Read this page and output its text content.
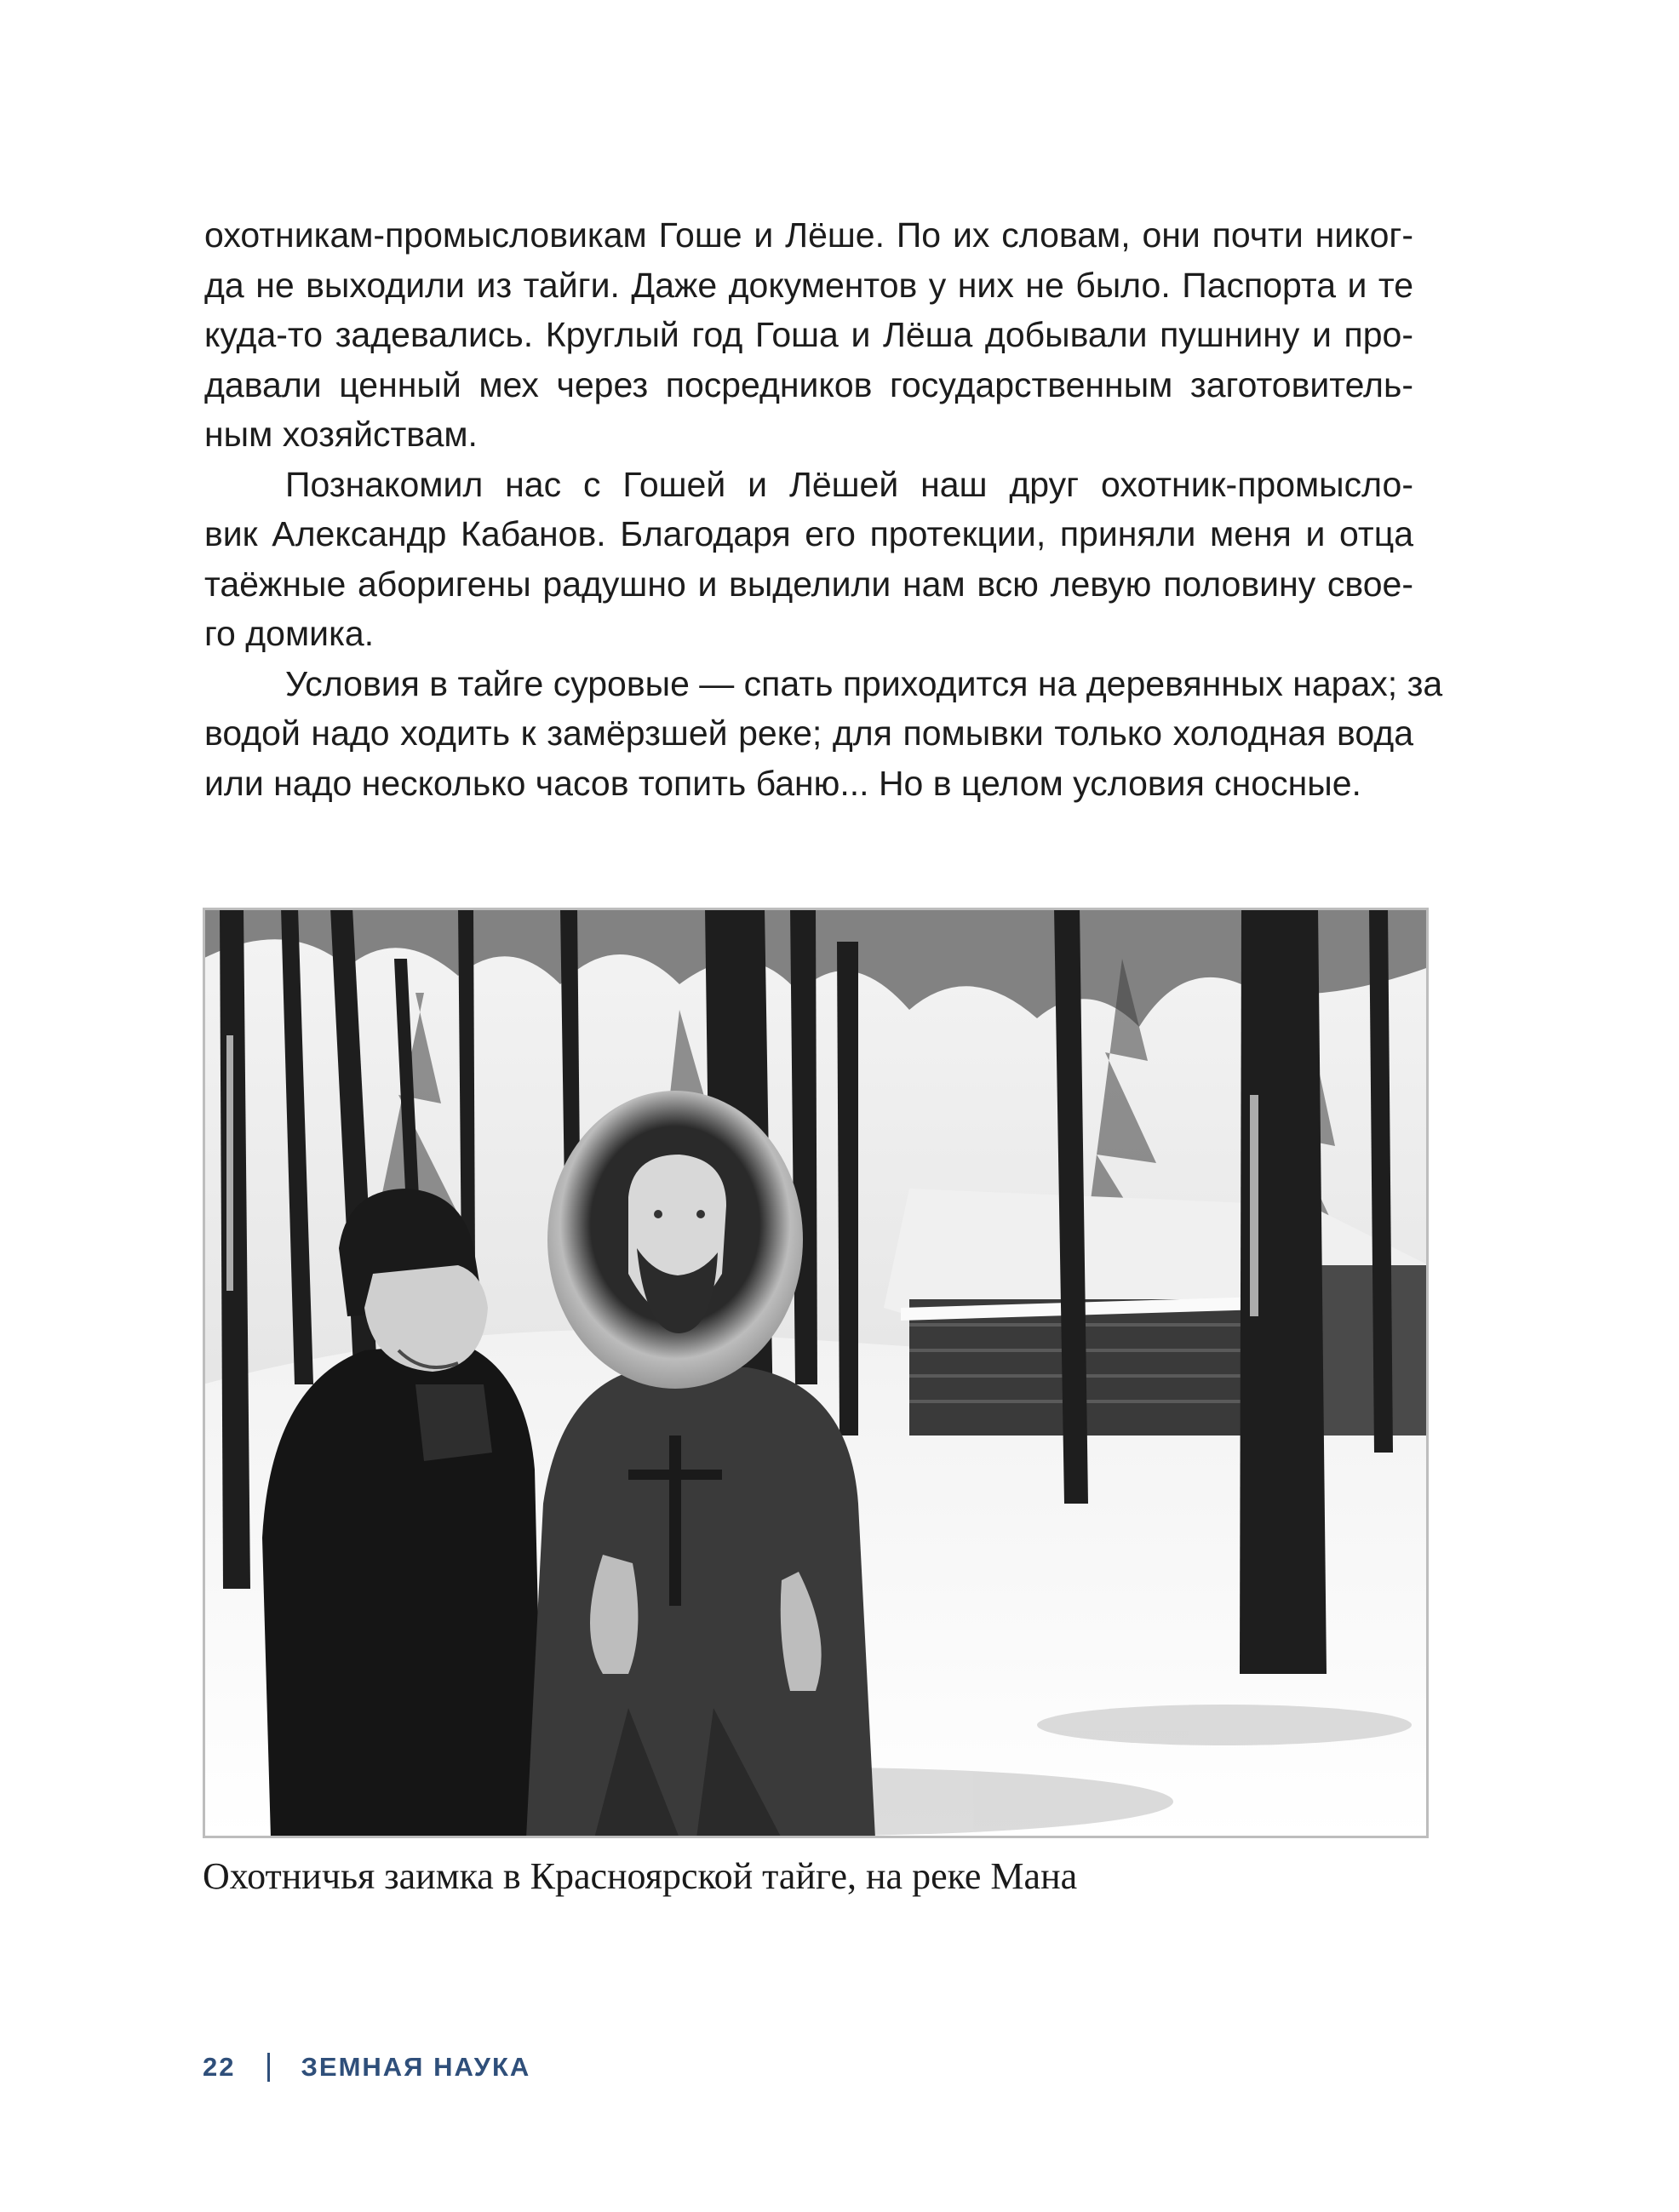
охотникам-промысловикам Гоше и Лёше. По их словам, они почти никог-
да не выходили из тайги. Даже документов у них не было. Паспорта и те
куда-то задевались. Круглый год Гоша и Лёша добывали пушнину и про-
давали ценный мех через посредников государственным заготовитель-
ным хозяйствам.
Познакомил нас с Гошей и Лёшей наш друг охотник-промысло-
вик Александр Кабанов. Благодаря его протекции, приняли меня и отца
таёжные аборигены радушно и выделили нам всю левую половину свое-
го домика.
Условия в тайге суровые — спать приходится на деревянных нарах; за
водой надо ходить к замёрзшей реке; для помывки только холодная вода
или надо несколько часов топить баню... Но в целом условия сносные.
Охотничья заимка в Красноярской тайге, на реке Мана
22 ЗЕМНАЯ НАУКА
